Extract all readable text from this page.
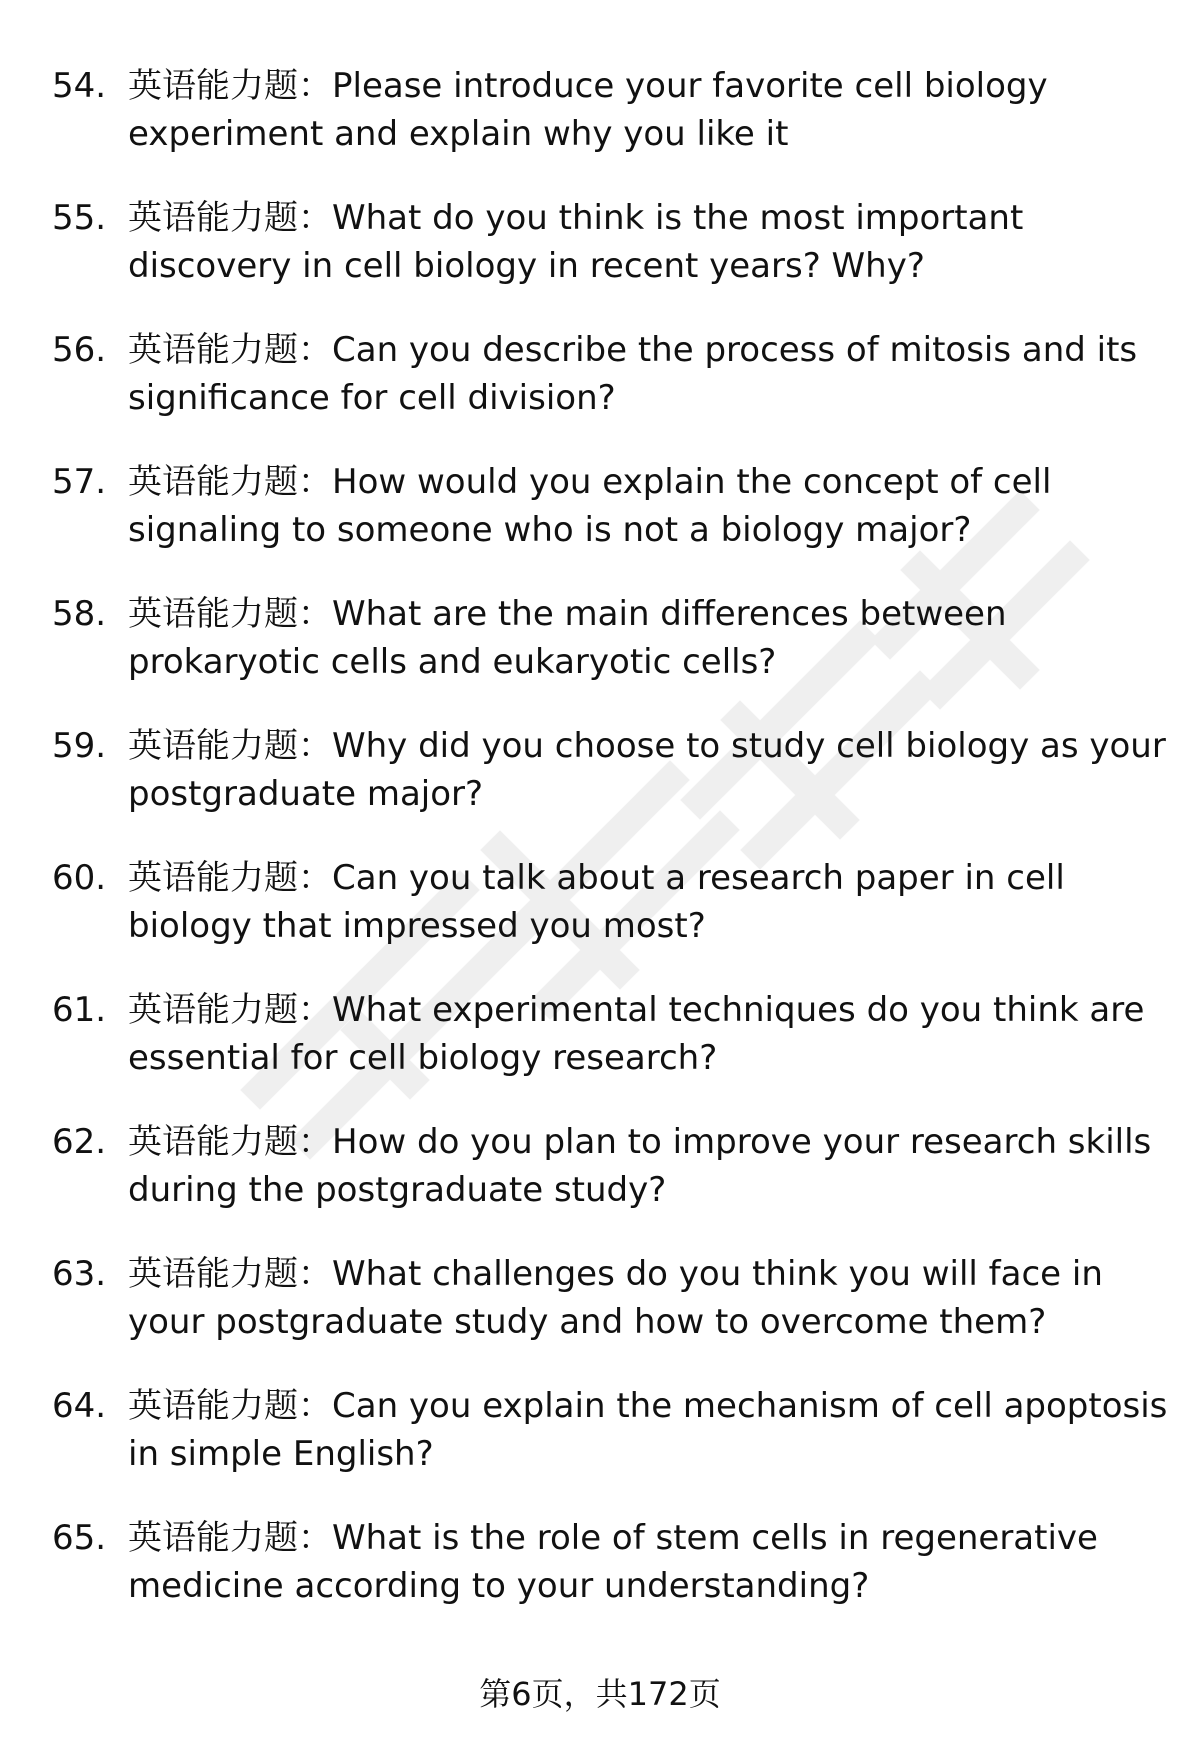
54. 英语能力题：Please introduce your favorite cell biology experiment and explain why you like it
55. 英语能力题：What do you think is the most important discovery in cell biology in recent years? Why?
56. 英语能力题：Can you describe the process of mitosis and its significance for cell division?
57. 英语能力题：How would you explain the concept of cell signaling to someone who is not a biology major?
58. 英语能力题：What are the main differences between prokaryotic cells and eukaryotic cells?
59. 英语能力题：Why did you choose to study cell biology as your postgraduate major?
60. 英语能力题：Can you talk about a research paper in cell biology that impressed you most?
61. 英语能力题：What experimental techniques do you think are essential for cell biology research?
62. 英语能力题：How do you plan to improve your research skills during the postgraduate study?
63. 英语能力题：What challenges do you think you will face in your postgraduate study and how to overcome them?
64. 英语能力题：Can you explain the mechanism of cell apoptosis in simple English?
65. 英语能力题：What is the role of stem cells in regenerative medicine according to your understanding?
第6页，共172页
